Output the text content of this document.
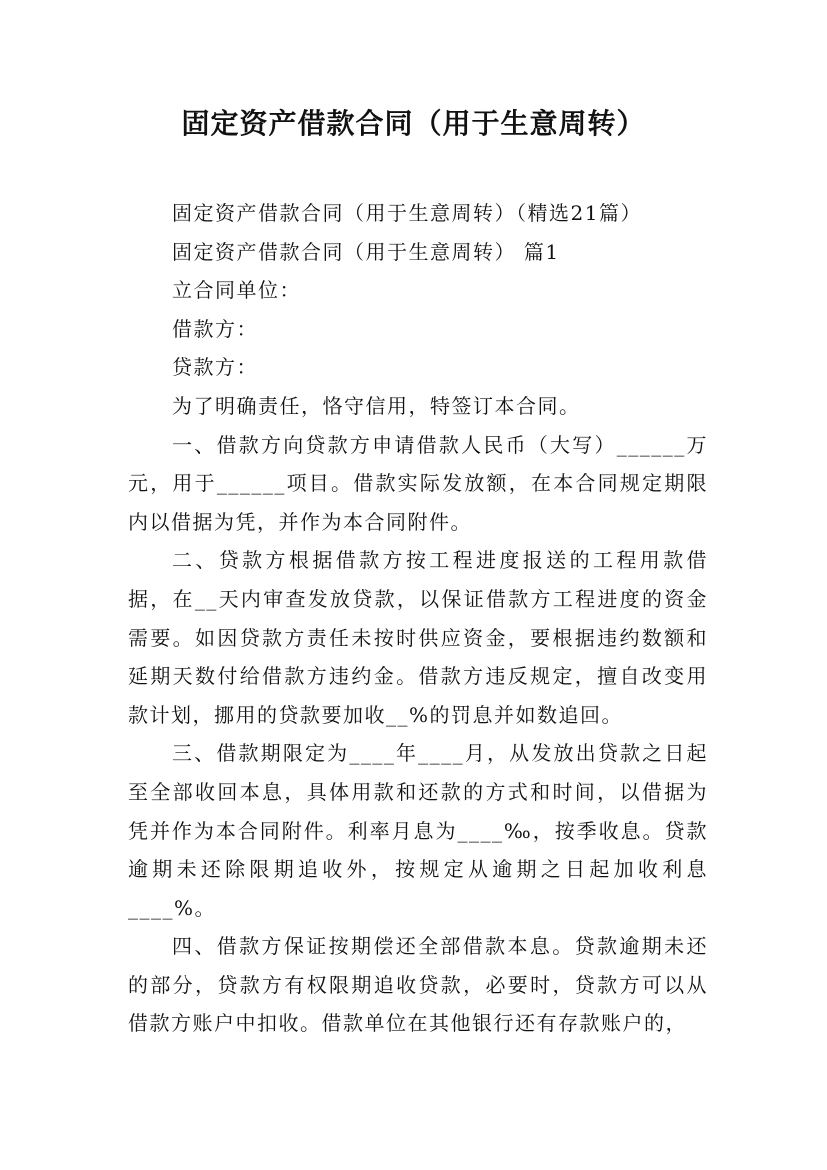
固定资产借款合同（用于生意周转）

固定资产借款合同（用于生意周转）（精选21篇）

固定资产借款合同（用于生意周转） 篇1

立合同单位：

借款方：

贷款方：

为了明确责任，恪守信用，特签订本合同。

一、借款方向贷款方申请借款人民币（大写）______万元，用于______项目。借款实际发放额，在本合同规定期限内以借据为凭，并作为本合同附件。

二、贷款方根据借款方按工程进度报送的工程用款借据，在__天内审查发放贷款，以保证借款方工程进度的资金需要。如因贷款方责任未按时供应资金，要根据违约数额和延期天数付给借款方违约金。借款方违反规定，擅自改变用款计划，挪用的贷款要加收__%的罚息并如数追回。

三、借款期限定为____年____月，从发放出贷款之日起至全部收回本息，具体用款和还款的方式和时间，以借据为凭并作为本合同附件。利率月息为____‰，按季收息。贷款逾期未还除限期追收外，按规定从逾期之日起加收利息____%。

四、借款方保证按期偿还全部借款本息。贷款逾期未还的部分，贷款方有权限期追收贷款，必要时，贷款方可以从借款方账户中扣收。借款单位在其他银行还有存款账户的，
